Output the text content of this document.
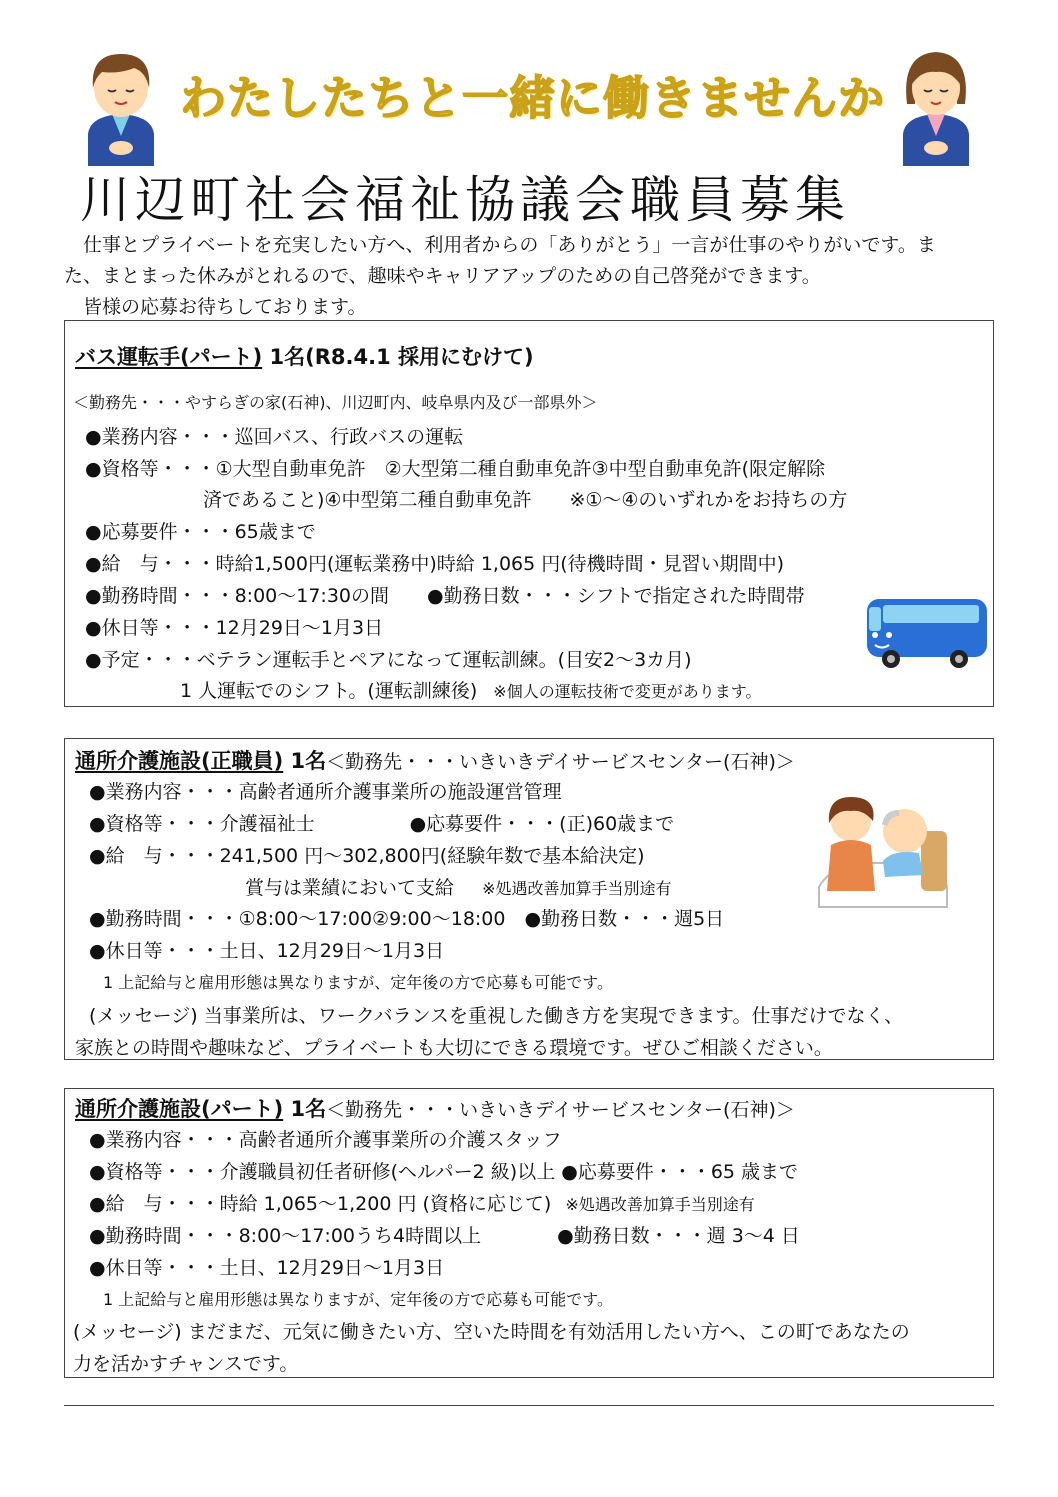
わたしたちと一緒に働きませんか
川辺町社会福祉協議会職員募集

　仕事とプライベートを充実したい方へ、利用者からの「ありがとう」一言が仕事のやりがいです。ま

た、まとまった休みがとれるので、趣味やキャリアアップのための自己啓発ができます。

　皆様の応募お待ちしております。

バス運転手(パート) 1名(R8.4.1 採用にむけて)
＜勤務先・・・やすらぎの家(石神)、川辺町内、岐阜県内及び一部県外＞
●業務内容・・・巡回バス、行政バスの運転
●資格等・・・①大型自動車免許　②大型第二種自動車免許③中型自動車免許(限定解除
済であること)④中型第二種自動車免許　　※①～④のいずれかをお持ちの方
●応募要件・・・65歳まで
●給　与・・・時給1,500円(運転業務中)時給 1,065 円(待機時間・見習い期間中)
●勤務時間・・・8:00～17:30の間　　●勤務日数・・・シフトで指定された時間帯
●休日等・・・12月29日～1月3日
●予定・・・ベテラン運転手とペアになって運転訓練。(目安2～3カ月)
1 人運転でのシフト。(運転訓練後) ※個人の運転技術で変更があります。
通所介護施設(正職員) 1名＜勤務先・・・いきいきデイサービスセンター(石神)＞
●業務内容・・・高齢者通所介護事業所の施設運営管理
●資格等・・・介護福祉士　　　　　●応募要件・・・(正)60歳まで
●給　与・・・241,500 円～302,800円(経験年数で基本給決定)
賞与は業績において支給 ※処遇改善加算手当別途有
●勤務時間・・・①8:00～17:00②9:00～18:00　●勤務日数・・・週5日
●休日等・・・土日、12月29日～1月3日
1 上記給与と雇用形態は異なりますが、定年後の方で応募も可能です。
(メッセージ) 当事業所は、ワークバランスを重視した働き方を実現できます。仕事だけでなく、
家族との時間や趣味など、プライベートも大切にできる環境です。ぜひご相談ください。
通所介護施設(パート) 1名＜勤務先・・・いきいきデイサービスセンター(石神)＞
●業務内容・・・高齢者通所介護事業所の介護スタッフ
●資格等・・・介護職員初任者研修(ヘルパー2 級)以上 ●応募要件・・・65 歳まで
●給　与・・・時給 1,065～1,200 円 (資格に応じて) ※処遇改善加算手当別途有
●勤務時間・・・8:00～17:00うち4時間以上　　　　●勤務日数・・・週 3～4 日
●休日等・・・土日、12月29日～1月3日
1 上記給与と雇用形態は異なりますが、定年後の方で応募も可能です。
(メッセージ) まだまだ、元気に働きたい方、空いた時間を有効活用したい方へ、この町であなたの
力を活かすチャンスです。
